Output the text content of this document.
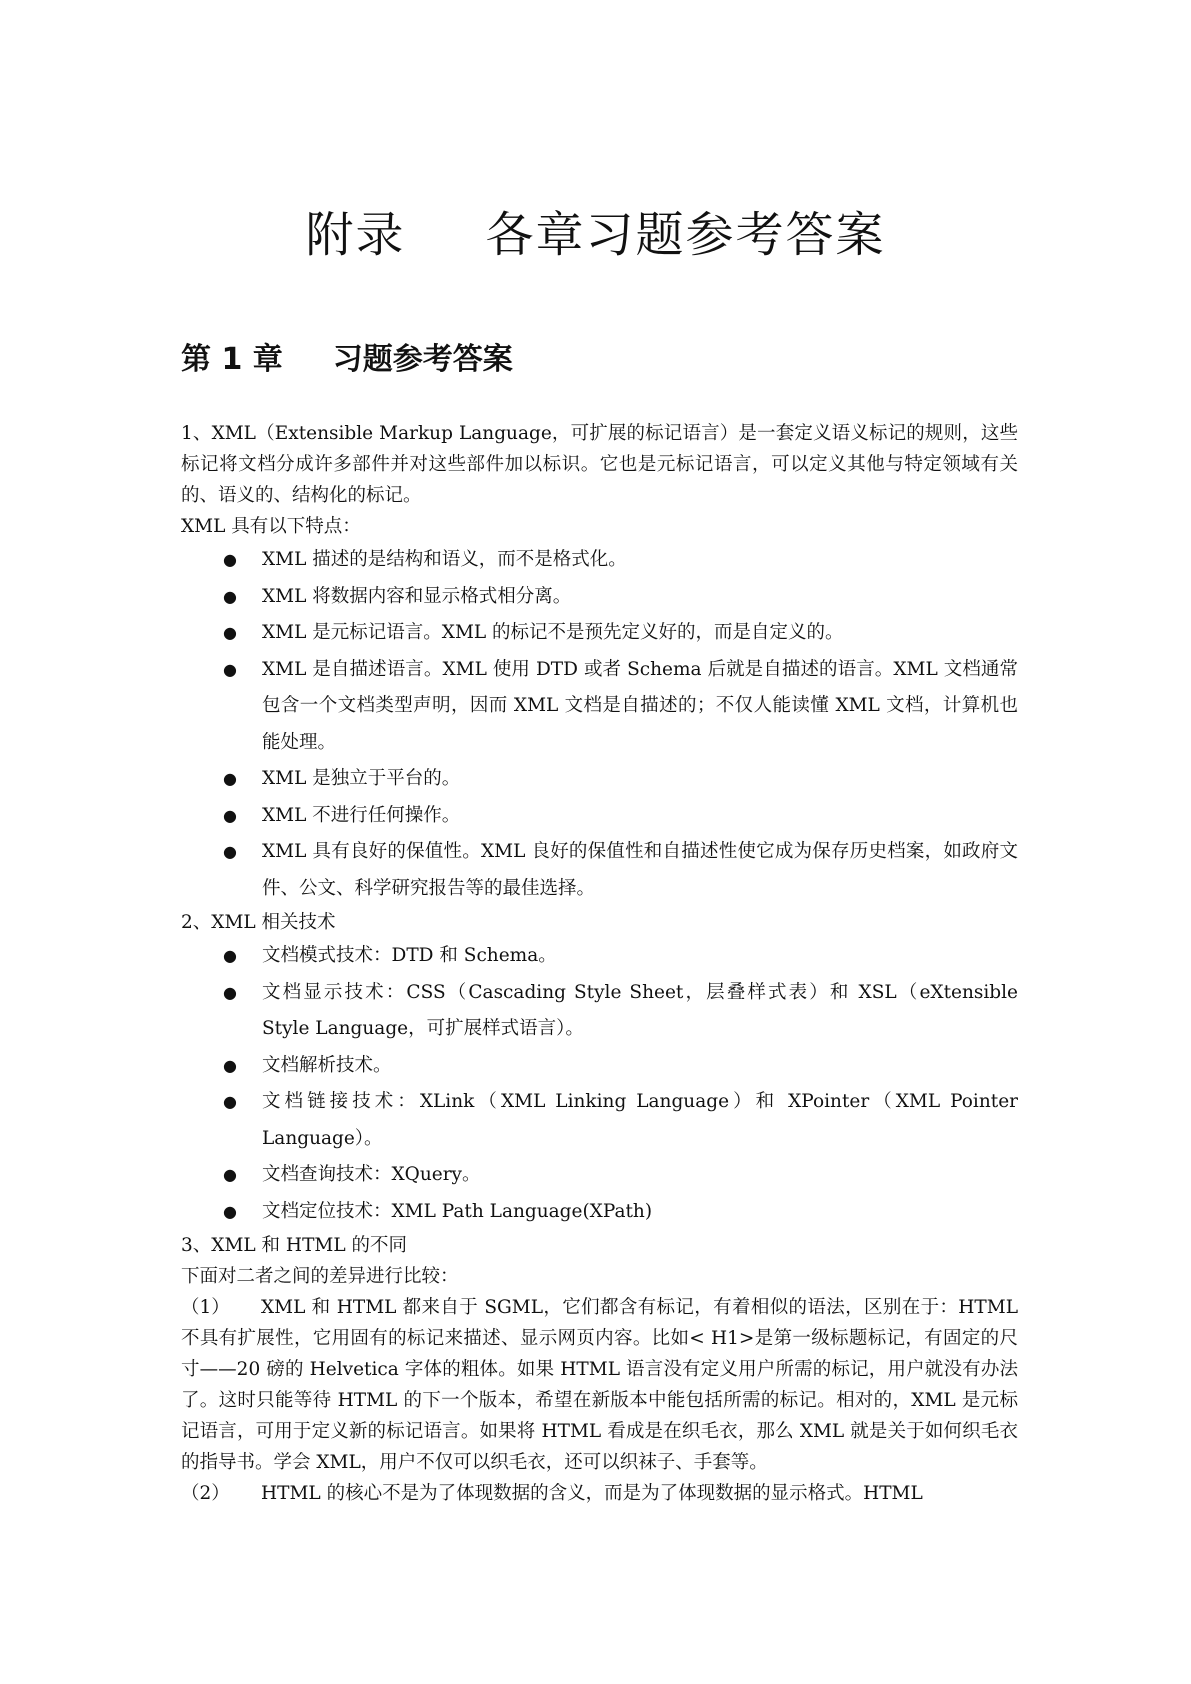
附录 各章习题参考答案
第 1 章 习题参考答案

1、XML（Extensible Markup Language，可扩展的标记语言）是一套定义语义标记的规则，这些标记将文档分成许多部件并对这些部件加以标识。它也是元标记语言，可以定义其他与特定领域有关的、语义的、结构化的标记。

XML 具有以下特点：

● XML 描述的是结构和语义，而不是格式化。
● XML 将数据内容和显示格式相分离。
● XML 是元标记语言。XML 的标记不是预先定义好的，而是自定义的。
● XML 是自描述语言。XML 使用 DTD 或者 Schema 后就是自描述的语言。XML 文档通常包含一个文档类型声明，因而 XML 文档是自描述的；不仅人能读懂 XML 文档，计算机也能处理。
● XML 是独立于平台的。
● XML 不进行任何操作。
● XML 具有良好的保值性。XML 良好的保值性和自描述性使它成为保存历史档案，如政府文件、公文、科学研究报告等的最佳选择。

2、XML 相关技术

● 文档模式技术：DTD 和 Schema。
● 文档显示技术：CSS（Cascading Style Sheet，层叠样式表）和 XSL（eXtensible Style Language，可扩展样式语言）。
● 文档解析技术。
● 文档链接技术：XLink（XML Linking Language）和 XPointer（XML Pointer Language）。
● 文档查询技术：XQuery。
● 文档定位技术：XML Path Language(XPath)

3、XML 和 HTML 的不同

下面对二者之间的差异进行比较：

（1） XML 和 HTML 都来自于 SGML，它们都含有标记，有着相似的语法，区别在于：HTML 不具有扩展性，它用固有的标记来描述、显示网页内容。比如< H1>是第一级标题标记，有固定的尺寸——20 磅的 Helvetica 字体的粗体。如果 HTML 语言没有定义用户所需的标记，用户就没有办法了。这时只能等待 HTML 的下一个版本，希望在新版本中能包括所需的标记。相对的，XML 是元标记语言，可用于定义新的标记语言。如果将 HTML 看成是在织毛衣，那么 XML 就是关于如何织毛衣的指导书。学会 XML，用户不仅可以织毛衣，还可以织袜子、手套等。

（2） HTML 的核心不是为了体现数据的含义，而是为了体现数据的显示格式。HTML
